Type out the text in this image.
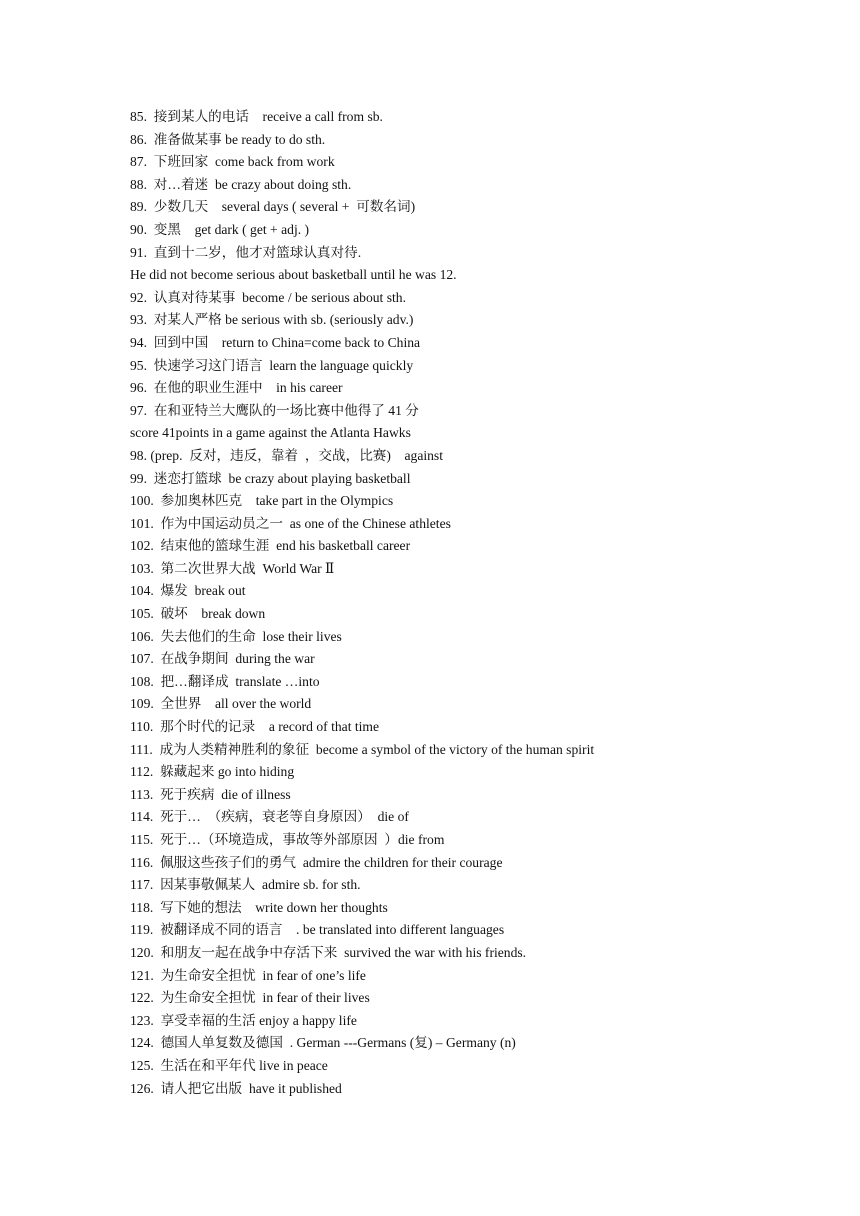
85.  接到某人的电话    receive a call from sb.
86.  准备做某事 be ready to do sth.
87.  下班回家  come back from work
88.  对…着迷  be crazy about doing sth.
89.  少数几天    several days ( several +  可数名词)
90.  变黑    get dark ( get + adj. )
91.  直到十二岁，他才对篮球认真对待.
He did not become serious about basketball until he was 12.
92.  认真对待某事  become / be serious about sth.
93.  对某人严格 be serious with sb. (seriously adv.)
94.  回到中国    return to China=come back to China
95.  快速学习这门语言  learn the language quickly
96.  在他的职业生涯中    in his career
97.  在和亚特兰大鹰队的一场比赛中他得了 41 分
score 41points in a game against the Atlanta Hawks
98. (prep.  反对，违反，靠着  ，交战，比赛)    against
99.  迷恋打篮球  be crazy about playing basketball
100.  参加奥林匹克    take part in the Olympics
101.  作为中国运动员之一  as one of the Chinese athletes
102.  结束他的篮球生涯  end his basketball career
103.  第二次世界大战  World War Ⅱ
104.  爆发  break out
105.  破坏    break down
106.  失去他们的生命  lose their lives
107.  在战争期间  during the war
108.  把…翻译成  translate …into
109.  全世界    all over the world
110.  那个时代的记录    a record of that time
111.  成为人类精神胜利的象征  become a symbol of the victory of the human spirit
112.  躲藏起来 go into hiding
113.  死于疾病  die of illness
114.  死于…  （疾病，衰老等自身原因）  die of
115.  死于…（环境造成，事故等外部原因  ）die from
116.  佩服这些孩子们的勇气  admire the children for their courage
117.  因某事敬佩某人  admire sb. for sth.
118.  写下她的想法    write down her thoughts
119.  被翻译成不同的语言    . be translated into different languages
120.  和朋友一起在战争中存活下来  survived the war with his friends.
121.  为生命安全担忧  in fear of one’s life
122.  为生命安全担忧  in fear of their lives
123.  享受幸福的生活 enjoy a happy life
124.  德国人单复数及德国  . German ---Germans (复) – Germany (n)
125.  生活在和平年代 live in peace
126.  请人把它出版  have it published
